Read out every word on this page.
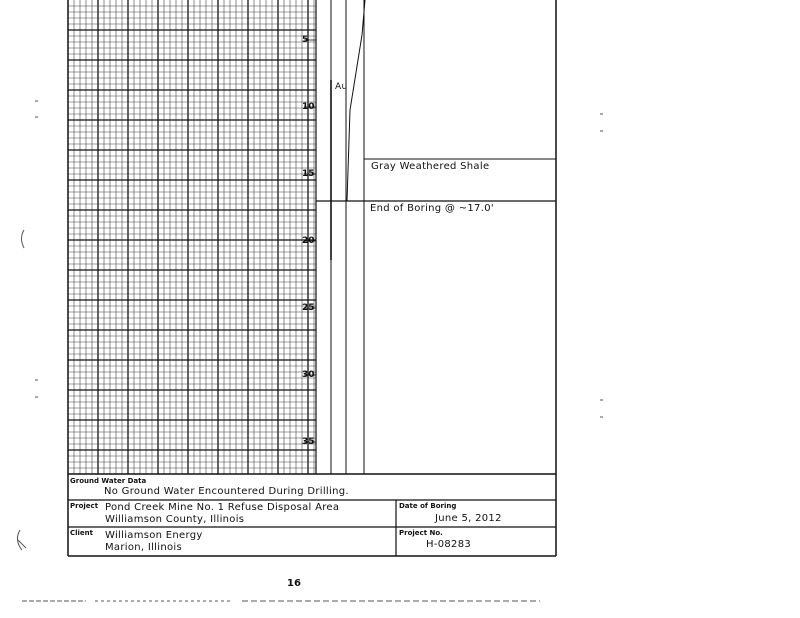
5
10
15
20
25
30
35
Au
Gray Weathered Shale
End of Boring @ ~17.0'
Ground Water Data
No Ground Water Encountered During Drilling.
Project Pond Creek Mine No. 1 Refuse Disposal Area
Williamson County, Illinois
Date of Boring
June 5, 2012
Client Williamson Energy
Marion, Illinois
Project No.
H-08283
16
